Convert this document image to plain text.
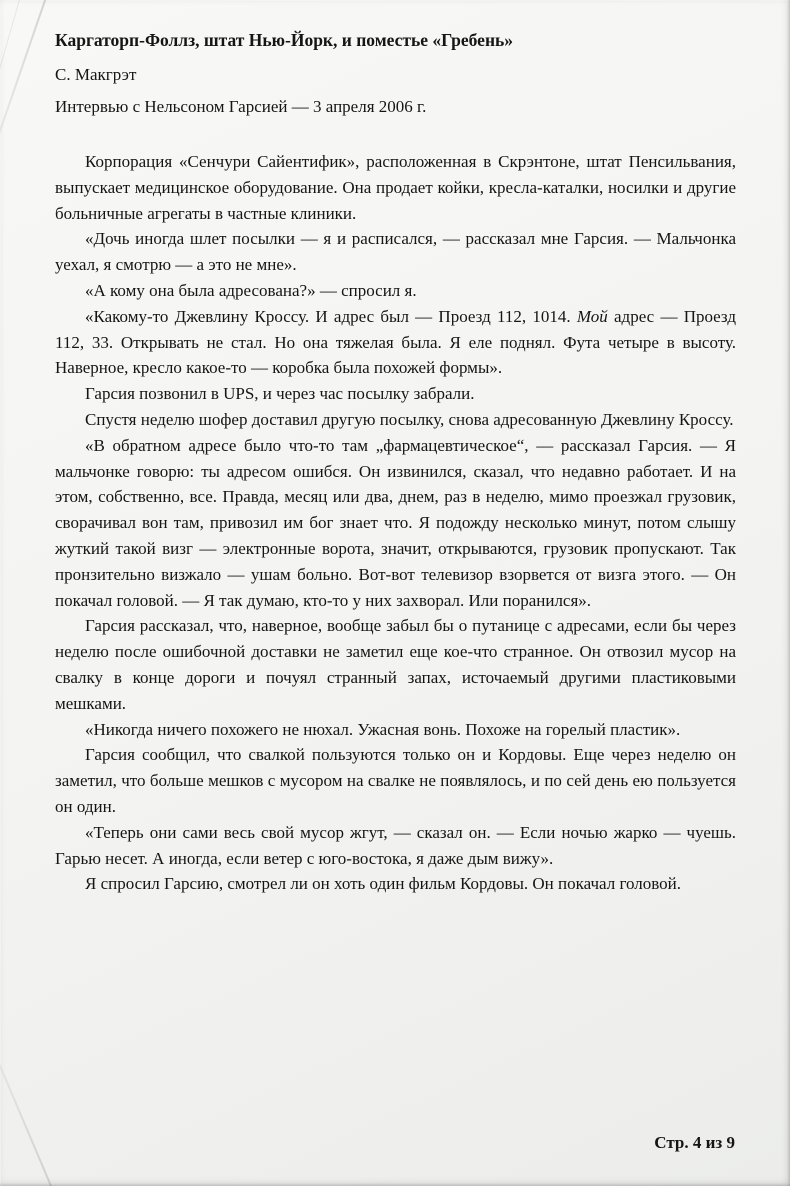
Каргаторп-Фоллз, штат Нью-Йорк, и поместье «Гребень»
С. Макгрэт
Интервью с Нельсоном Гарсией — 3 апреля 2006 г.

Корпорация «Сенчури Сайентифик», расположенная в Скрэнтоне, штат Пенсильвания, выпускает медицинское оборудование. Она продает койки, кресла-каталки, носилки и другие больничные агрегаты в частные клиники.

«Дочь иногда шлет посылки — я и расписался, — рассказал мне Гарсия. — Мальчонка уехал, я смотрю — а это не мне».

«А кому она была адресована?» — спросил я.

«Какому-то Джевлину Кроссу. И адрес был — Проезд 112, 1014. Мой адрес — Проезд 112, 33. Открывать не стал. Но она тяжелая была. Я еле поднял. Фута четыре в высоту. Наверное, кресло какое-то — коробка была похожей формы».

Гарсия позвонил в UPS, и через час посылку забрали.

Спустя неделю шофер доставил другую посылку, снова адресованную Джевлину Кроссу.

«В обратном адресе было что-то там „фармацевтическое“, — рассказал Гарсия. — Я мальчонке говорю: ты адресом ошибся. Он извинился, сказал, что недавно работает. И на этом, собственно, все. Правда, месяц или два, днем, раз в неделю, мимо проезжал грузовик, сворачивал вон там, привозил им бог знает что. Я подожду несколько минут, потом слышу жуткий такой визг — электронные ворота, значит, открываются, грузовик пропускают. Так пронзительно визжало — ушам больно. Вот-вот телевизор взорвется от визга этого. — Он покачал головой. — Я так думаю, кто-то у них захворал. Или поранился».

Гарсия рассказал, что, наверное, вообще забыл бы о путанице с адресами, если бы через неделю после ошибочной доставки не заметил еще кое-что странное. Он отвозил мусор на свалку в конце дороги и почуял странный запах, источаемый другими пластиковыми мешками.

«Никогда ничего похожего не нюхал. Ужасная вонь. Похоже на горелый пластик».

Гарсия сообщил, что свалкой пользуются только он и Кордовы. Еще через неделю он заметил, что больше мешков с мусором на свалке не появлялось, и по сей день ею пользуется он один.

«Теперь они сами весь свой мусор жгут, — сказал он. — Если ночью жарко — чуешь. Гарью несет. А иногда, если ветер с юго-востока, я даже дым вижу».

Я спросил Гарсию, смотрел ли он хоть один фильм Кордовы. Он покачал головой.

Стр. 4 из 9
